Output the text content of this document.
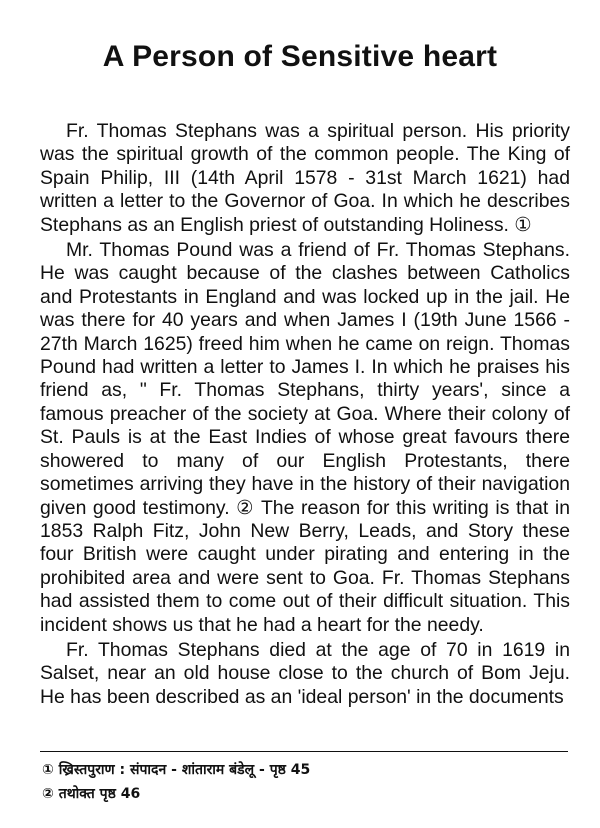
A Person of Sensitive heart

Fr. Thomas Stephans was a spiritual person. His priority was the spiritual growth of the common people. The King of Spain Philip, III (14th April 1578 - 31st March 1621) had written a letter to the Governor of Goa. In which he describes Stephans as an English priest of outstanding Holiness. ①

Mr. Thomas Pound was a friend of Fr. Thomas Stephans. He was caught because of the clashes between Catholics and Protestants in England and was locked up in the jail. He was there for 40 years and when James I (19th June 1566 - 27th March 1625) freed him when he came on reign. Thomas Pound had written a letter to James I. In which he praises his friend as, " Fr. Thomas Stephans, thirty years', since a famous preacher of the society at Goa. Where their colony of St. Pauls is at the East Indies of whose great favours there showered to many of our English Protestants, there sometimes arriving they have in the history of their navigation given good testimony. ② The reason for this writing is that in 1853 Ralph Fitz, John New Berry, Leads, and Story these four British were caught under pirating and entering in the prohibited area and were sent to Goa. Fr. Thomas Stephans had assisted them to come out of their difficult situation. This incident shows us that he had a heart for the needy.

Fr. Thomas Stephans died at the age of 70 in 1619 in Salset, near an old house close to the church of Bom Jeju. He has been described as an 'ideal person' in the documents

① ख्रिस्तपुराण : संपादन - शांताराम बंडेलू - पृष्ठ 45
② तथोक्त पृष्ठ 46
